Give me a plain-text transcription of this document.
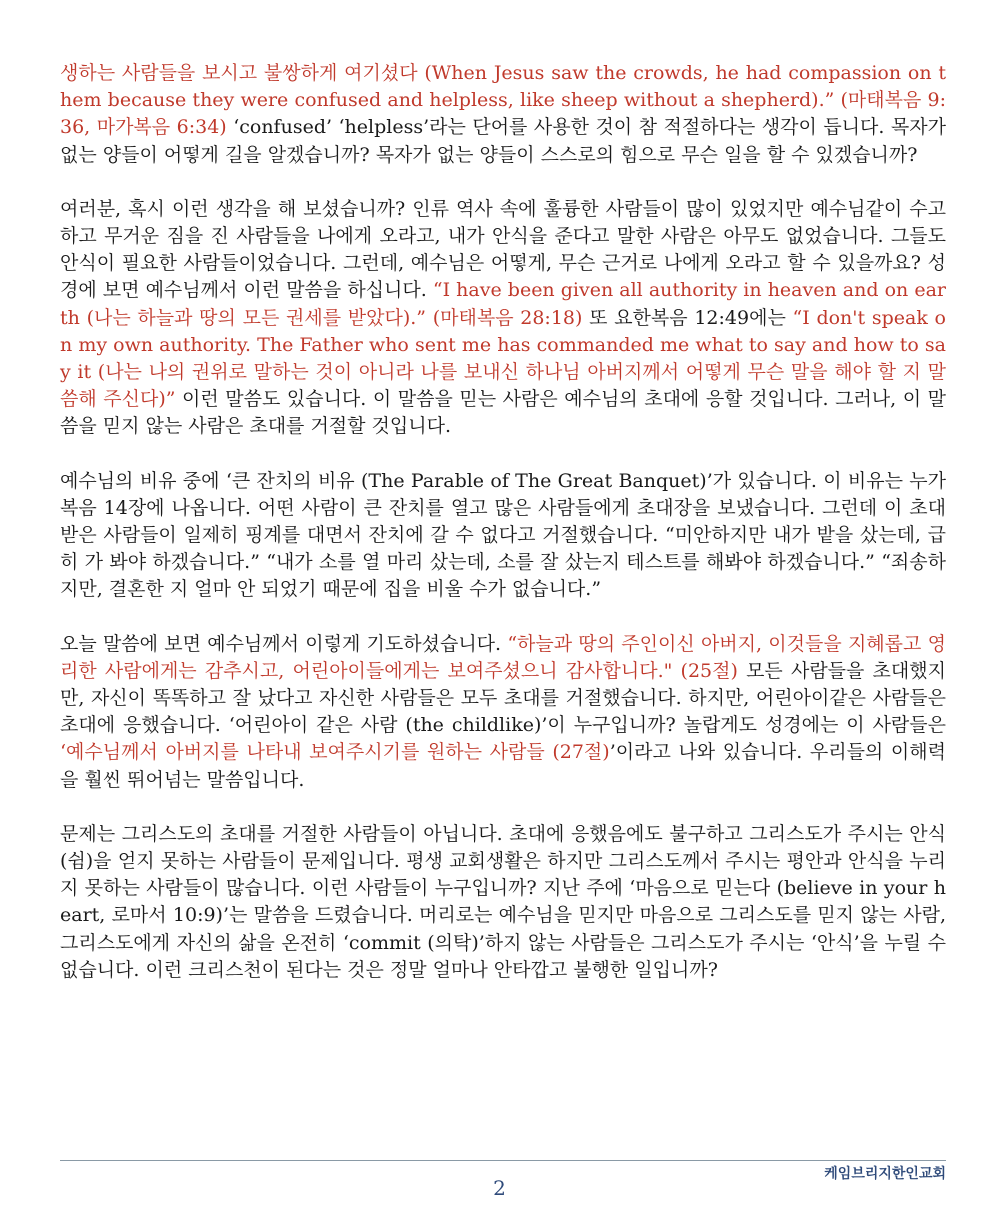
생하는 사람들을 보시고 불쌍하게 여기셨다 (When Jesus saw the crowds, he had compassion on them because they were confused and helpless, like sheep without a shepherd).” (마태복음 9:36, 마가복음 6:34) ‘confused’ ‘helpless’라는 단어를 사용한 것이 참 적절하다는 생각이 듭니다. 목자가 없는 양들이 어떻게 길을 알겠습니까? 목자가 없는 양들이 스스로의 힘으로 무슨 일을 할 수 있겠습니까?

여러분, 혹시 이런 생각을 해 보셨습니까? 인류 역사 속에 훌륭한 사람들이 많이 있었지만 예수님같이 수고하고 무거운 짐을 진 사람들을 나에게 오라고, 내가 안식을 준다고 말한 사람은 아무도 없었습니다. 그들도 안식이 필요한 사람들이었습니다. 그런데, 예수님은 어떻게, 무슨 근거로 나에게 오라고 할 수 있을까요? 성경에 보면 예수님께서 이런 말씀을 하십니다. “I have been given all authority in heaven and on earth (나는 하늘과 땅의 모든 권세를 받았다).” (마태복음 28:18) 또 요한복음 12:49에는 “I don't speak on my own authority. The Father who sent me has commanded me what to say and how to say it (나는 나의 권위로 말하는 것이 아니라 나를 보내신 하나님 아버지께서 어떻게 무슨 말을 해야 할 지 말씀해 주신다)” 이런 말씀도 있습니다. 이 말씀을 믿는 사람은 예수님의 초대에 응할 것입니다. 그러나, 이 말씀을 믿지 않는 사람은 초대를 거절할 것입니다.

예수님의 비유 중에 ‘큰 잔치의 비유 (The Parable of The Great Banquet)’가 있습니다. 이 비유는 누가복음 14장에 나옵니다. 어떤 사람이 큰 잔치를 열고 많은 사람들에게 초대장을 보냈습니다. 그런데 이 초대받은 사람들이 일제히 핑계를 대면서 잔치에 갈 수 없다고 거절했습니다. “미안하지만 내가 밭을 샀는데, 급히 가 봐야 하겠습니다.” “내가 소를 열 마리 샀는데, 소를 잘 샀는지 테스트를 해봐야 하겠습니다.” “죄송하지만, 결혼한 지 얼마 안 되었기 때문에 집을 비울 수가 없습니다.”

오늘 말씀에 보면 예수님께서 이렇게 기도하셨습니다. “하늘과 땅의 주인이신 아버지, 이것들을 지혜롭고 영리한 사람에게는 감추시고, 어린아이들에게는 보여주셨으니 감사합니다." (25절) 모든 사람들을 초대했지만, 자신이 똑똑하고 잘 났다고 자신한 사람들은 모두 초대를 거절했습니다. 하지만, 어린아이같은 사람들은 초대에 응했습니다. ‘어린아이 같은 사람 (the childlike)’이 누구입니까? 놀랍게도 성경에는 이 사람들은 ‘예수님께서 아버지를 나타내 보여주시기를 원하는 사람들 (27절)’이라고 나와 있습니다. 우리들의 이해력을 훨씬 뛰어넘는 말씀입니다.

문제는 그리스도의 초대를 거절한 사람들이 아닙니다. 초대에 응했음에도 불구하고 그리스도가 주시는 안식 (쉼)을 얻지 못하는 사람들이 문제입니다. 평생 교회생활은 하지만 그리스도께서 주시는 평안과 안식을 누리지 못하는 사람들이 많습니다. 이런 사람들이 누구입니까? 지난 주에 ‘마음으로 믿는다 (believe in your heart, 로마서 10:9)’는 말씀을 드렸습니다. 머리로는 예수님을 믿지만 마음으로 그리스도를 믿지 않는 사람, 그리스도에게 자신의 삶을 온전히 ‘commit (의탁)’하지 않는 사람들은 그리스도가 주시는 ‘안식’을 누릴 수 없습니다. 이런 크리스천이 된다는 것은 정말 얼마나 안타깝고 불행한 일입니까?

케임브리지한인교회
2
